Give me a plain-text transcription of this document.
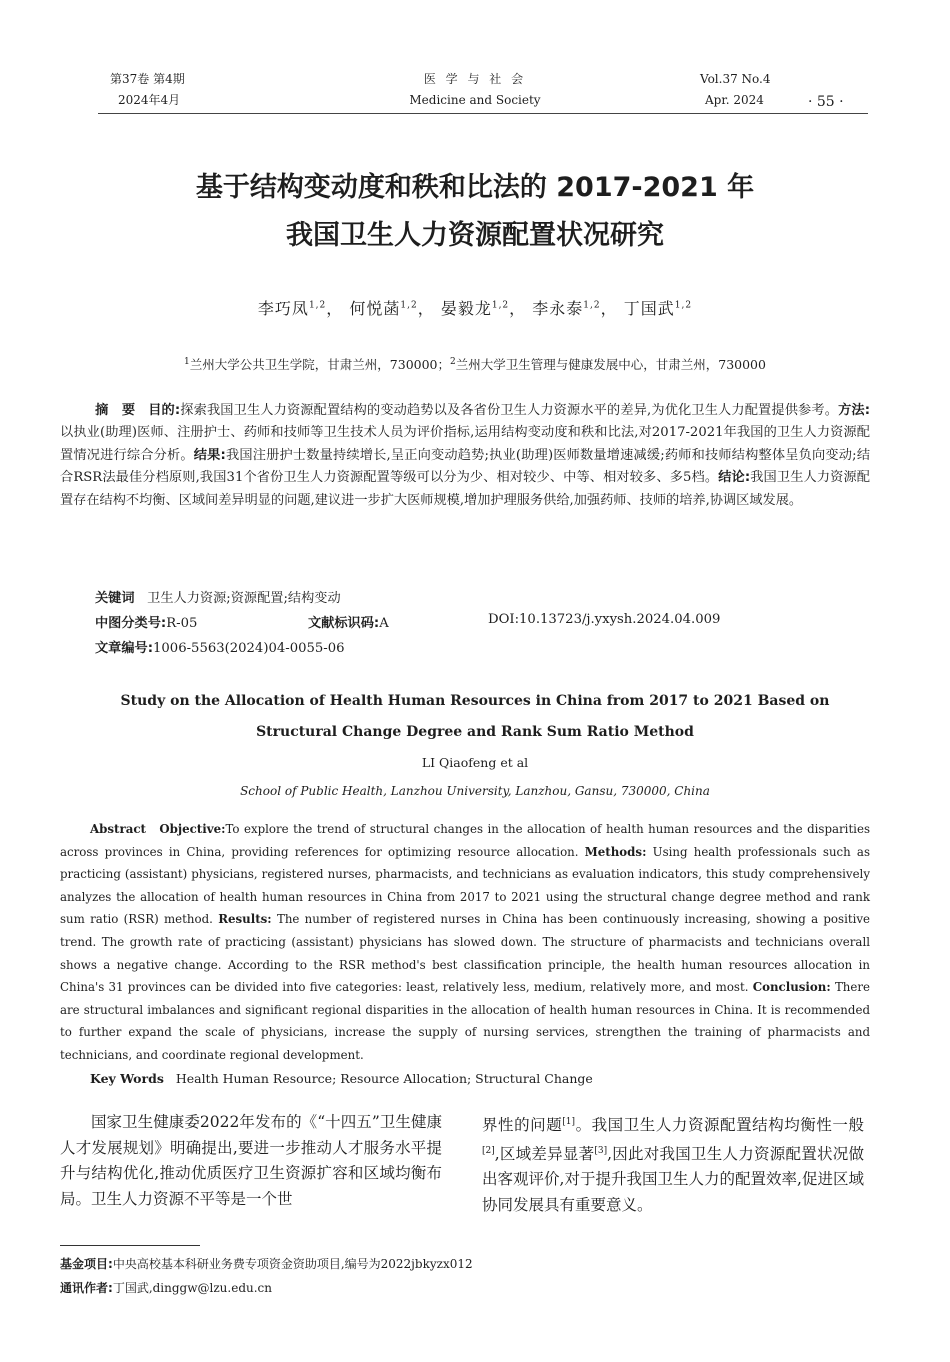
第37卷 第4期
2024年4月
医 学 与 社 会
Medicine and Society
Vol.37 No.4
Apr. 2024	· 55 ·
基于结构变动度和秩和比法的 2017-2021 年
我国卫生人力资源配置状况研究
李巧凤$^{1,2}$， 何悦菡$^{1,2}$， 晏毅龙$^{1,2}$， 李永泰$^{1,2}$， 丁国武$^{1,2}$
$^1$兰州大学公共卫生学院，甘肃兰州，730000；$^2$兰州大学卫生管理与健康发展中心，甘肃兰州，730000
摘　要 目的:探索我国卫生人力资源配置结构的变动趋势以及各省份卫生人力资源水平的差异,为优化卫生人力配置提供参考。方法:以执业(助理)医师、注册护士、药师和技师等卫生技术人员为评价指标,运用结构变动度和秩和比法,对2017-2021年我国的卫生人力资源配置情况进行综合分析。结果:我国注册护士数量持续增长,呈正向变动趋势;执业(助理)医师数量增速减缓;药师和技师结构整体呈负向变动;结合RSR法最佳分档原则,我国31个省份卫生人力资源配置等级可以分为少、相对较少、中等、相对较多、多5档。结论:我国卫生人力资源配置存在结构不均衡、区域间差异明显的问题,建议进一步扩大医师规模,增加护理服务供给,加强药师、技师的培养,协调区域发展。
关键词 卫生人力资源;资源配置;结构变动
中图分类号:R-05	文献标识码:A	DOI:10.13723/j.yxysh.2024.04.009
文章编号:1006-5563(2024)04-0055-06
Study on the Allocation of Health Human Resources in China from 2017 to 2021 Based on
Structural Change Degree and Rank Sum Ratio Method
LI Qiaofeng et al
School of Public Health, Lanzhou University, Lanzhou, Gansu, 730000, China
Abstract Objective:To explore the trend of structural changes in the allocation of health human resources and the disparities across provinces in China, providing references for optimizing resource allocation. Methods: Using health professionals such as practicing (assistant) physicians, registered nurses, pharmacists, and technicians as evaluation indicators, this study comprehensively analyzes the allocation of health human resources in China from 2017 to 2021 using the structural change degree method and rank sum ratio (RSR) method. Results: The number of registered nurses in China has been continuously increasing, showing a positive trend. The growth rate of practicing (assistant) physicians has slowed down. The structure of pharmacists and technicians overall shows a negative change. According to the RSR method's best classification principle, the health human resources allocation in China's 31 provinces can be divided into five categories: least, relatively less, medium, relatively more, and most. Conclusion: There are structural imbalances and significant regional disparities in the allocation of health human resources in China. It is recommended to further expand the scale of physicians, increase the supply of nursing services, strengthen the training of pharmacists and technicians, and coordinate regional development.
Key Words Health Human Resource; Resource Allocation; Structural Change
国家卫生健康委2022年发布的《“十四五”卫生健康人才发展规划》明确提出,要进一步推动人才服务水平提升与结构优化,推动优质医疗卫生资源扩容和区域均衡布局。卫生人力资源不平等是一个世
界性的问题[1]。我国卫生人力资源配置结构均衡性一般[2],区域差异显著[3],因此对我国卫生人力资源配置状况做出客观评价,对于提升我国卫生人力的配置效率,促进区域协同发展具有重要意义。
基金项目:中央高校基本科研业务费专项资金资助项目,编号为2022jbkyzx012
通讯作者:丁国武,dinggw@lzu.edu.cn
